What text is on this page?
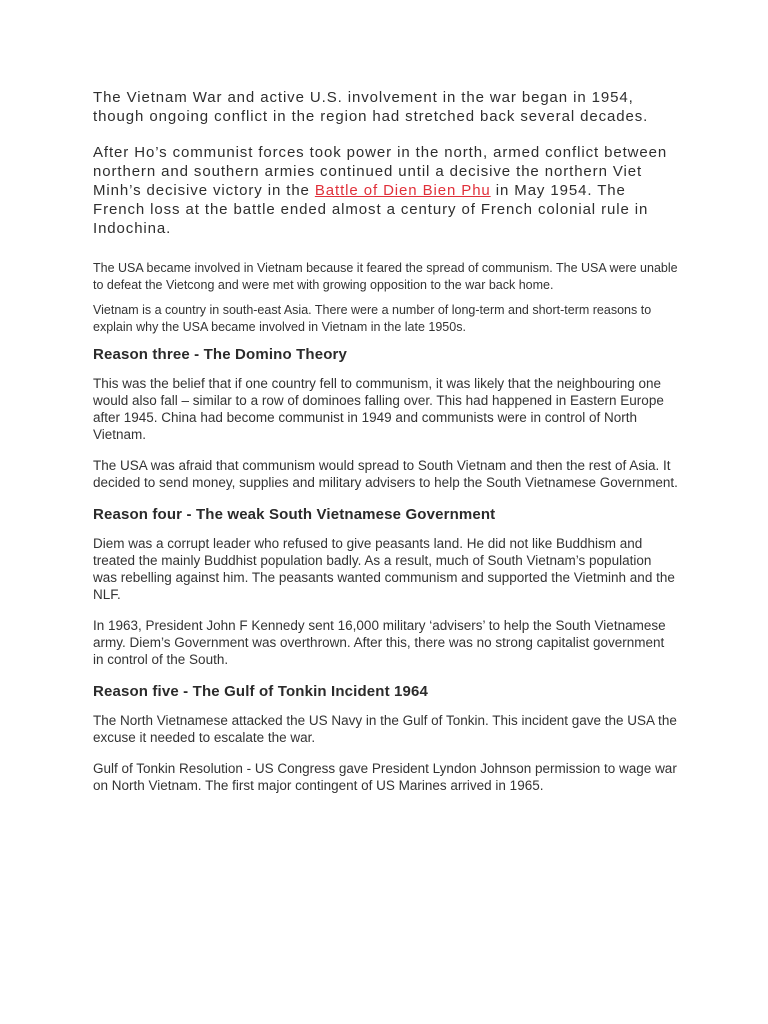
The Vietnam War and active U.S. involvement in the war began in 1954, though ongoing conflict in the region had stretched back several decades.

After Ho’s communist forces took power in the north, armed conflict between northern and southern armies continued until a decisive the northern Viet Minh’s decisive victory in the Battle of Dien Bien Phu in May 1954. The French loss at the battle ended almost a century of French colonial rule in Indochina.

The USA became involved in Vietnam because it feared the spread of communism. The USA were unable to defeat the Vietcong and were met with growing opposition to the war back home.

Vietnam is a country in south-east Asia. There were a number of long-term and short-term reasons to explain why the USA became involved in Vietnam in the late 1950s.

Reason three - The Domino Theory

This was the belief that if one country fell to communism, it was likely that the neighbouring one would also fall – similar to a row of dominoes falling over. This had happened in Eastern Europe after 1945. China had become communist in 1949 and communists were in control of North Vietnam.

The USA was afraid that communism would spread to South Vietnam and then the rest of Asia. It decided to send money, supplies and military advisers to help the South Vietnamese Government.

Reason four - The weak South Vietnamese Government

Diem was a corrupt leader who refused to give peasants land. He did not like Buddhism and treated the mainly Buddhist population badly. As a result, much of South Vietnam’s population was rebelling against him. The peasants wanted communism and supported the Vietminh and the NLF.

In 1963, President John F Kennedy sent 16,000 military ‘advisers’ to help the South Vietnamese army. Diem’s Government was overthrown. After this, there was no strong capitalist government in control of the South.

Reason five - The Gulf of Tonkin Incident 1964

The North Vietnamese attacked the US Navy in the Gulf of Tonkin. This incident gave the USA the excuse it needed to escalate the war.

Gulf of Tonkin Resolution - US Congress gave President Lyndon Johnson permission to wage war on North Vietnam. The first major contingent of US Marines arrived in 1965.
